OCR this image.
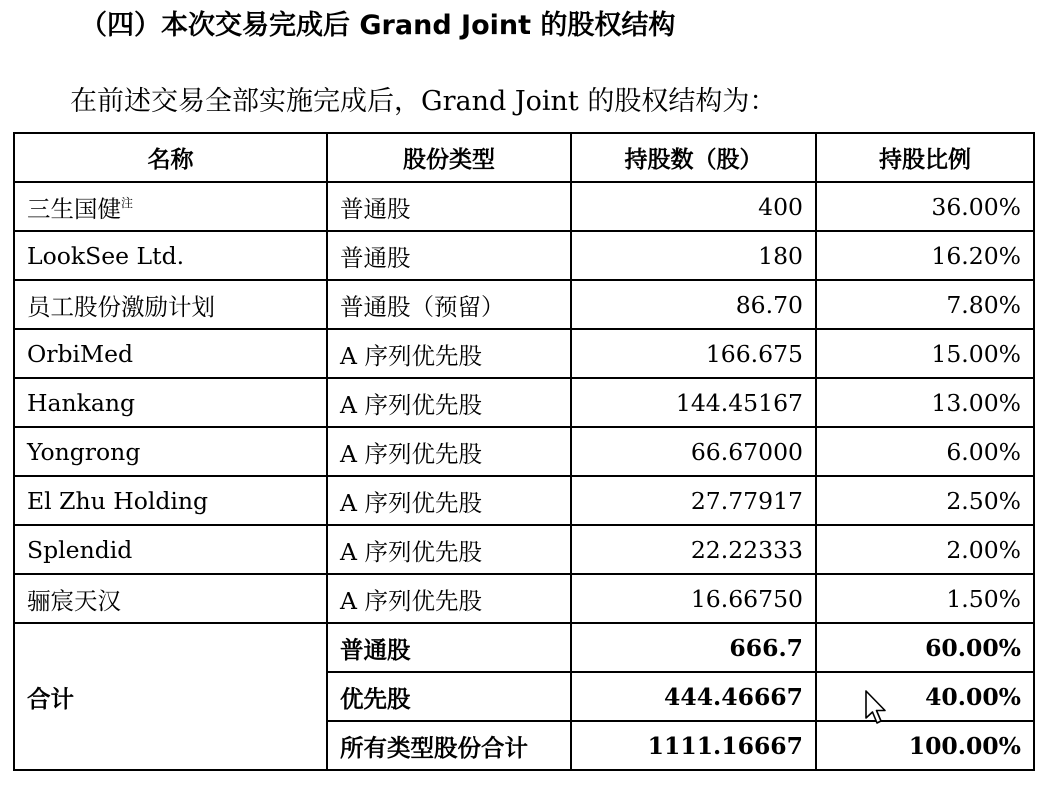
（四）本次交易完成后 Grand Joint 的股权结构
在前述交易全部实施完成后，Grand Joint 的股权结构为：
名称	股份类型	持股数（股）	持股比例
三生国健$^注$	普通股	400	36.00%
LookSee Ltd.	普通股	180	16.20%
员工股份激励计划	普通股（预留）	86.70	7.80%
OrbiMed	A 序列优先股	166.675	15.00%
Hankang	A 序列优先股	144.45167	13.00%
Yongrong	A 序列优先股	66.67000	6.00%
El Zhu Holding	A 序列优先股	27.77917	2.50%
Splendid	A 序列优先股	22.22333	2.00%
骊宸天汉	A 序列优先股	16.66750	1.50%
合计	普通股	666.7	60.00%
	优先股	444.46667	40.00%
	所有类型股份合计	1111.16667	100.00%
